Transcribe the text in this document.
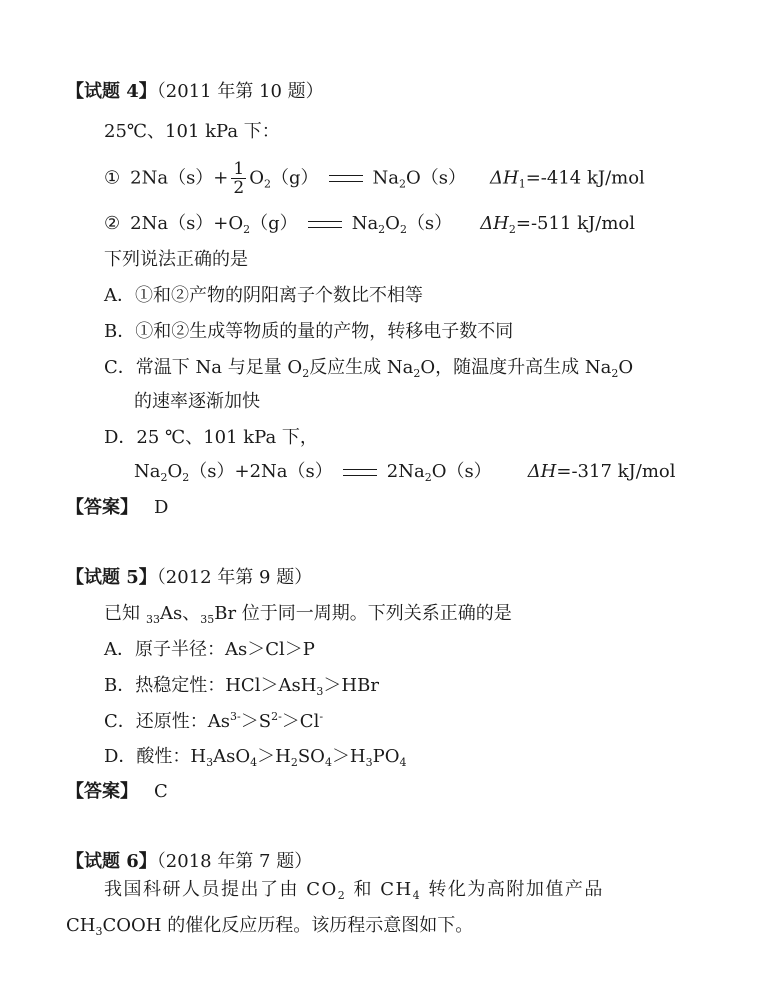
【试题 4】（2011 年第 10 题）
25℃、101 kPa 下：
① $2Na(s)+ \frac{1}{2} O_2(g)$	$Na_2O(s)$ $\Delta H_1=-414$ kJ/mol
② $2Na(s)+O_2(g)$	$Na_2O_2(s)$ $\Delta H_2=-511$ kJ/mol
下列说法正确的是
A．①和②产物的阴阳离子个数比不相等
B．①和②生成等物质的量的产物，转移电子数不同
C．常温下 Na 与足量 $O_2$反应生成 $Na_2O$，随温度升高生成 $Na_2O$
的速率逐渐加快
D．25 ℃、101 kPa 下，
$Na_2O_2(s)+2Na(s)$	$2Na_2O(s)$ ΔH=-317 kJ/mol
【答案】 D
【试题 5】（2012 年第 9 题）
已知 $_{33}$As、$_{35}$Br 位于同一周期。下列关系正确的是
A．原子半径：As＞Cl＞P
B．热稳定性：HCl＞AsH$_3$＞HBr
C．还原性：$As^{3-}>S^{2-}>Cl^-$
D．酸性：$H_3AsO_4>H_2SO_4>H_3PO_4$
【答案】 C
【试题 6】（2018 年第 7 题）
我国科研人员提出了由 $CO_2$ 和 $CH_4$ 转化为高附加值产品
$CH_3COOH$ 的催化反应历程。该历程示意图如下。
